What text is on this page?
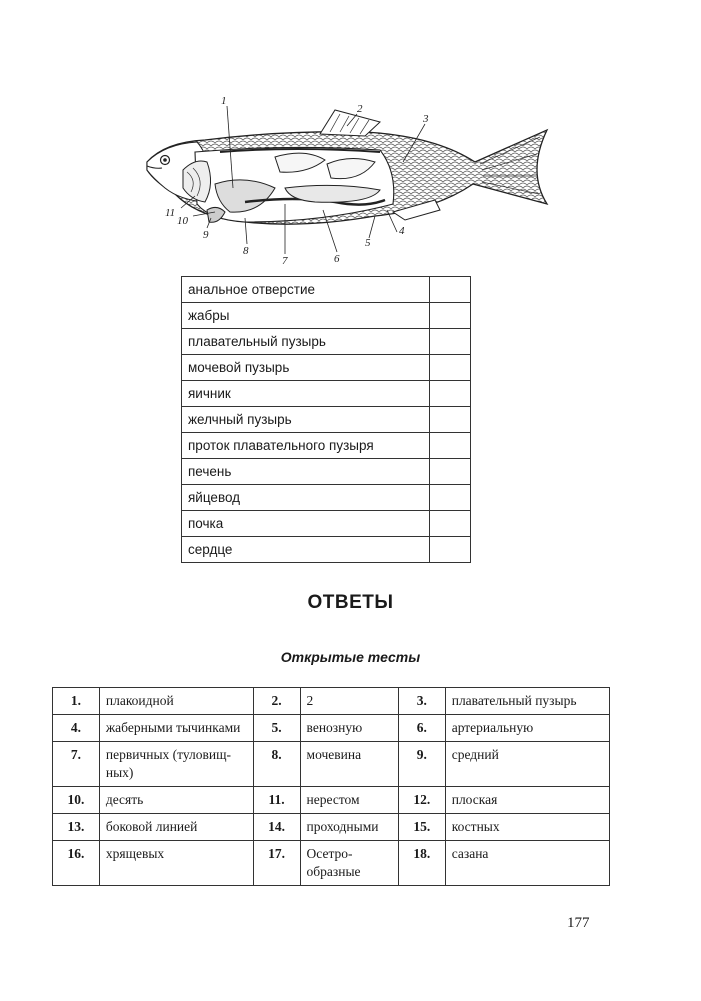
1
2
3
4
5
6
7
8
9
10
11
анальное отверстие	
жабры	
плавательный пузырь	
мочевой пузырь	
яичник	
желчный пузырь	
проток плавательного пузыря	
печень	
яйцевод	
почка	
сердце	
ОТВЕТЫ
Открытые тесты
1.	плакоидной	2.	2	3.	плавательный пузырь
4.	жаберными тычинками	5.	венозную	6.	артериальную
7.	первичных (туловищ-ных)	8.	мочевина	9.	средний
10.	десять	11.	нерестом	12.	плоская
13.	боковой линией	14.	проходными	15.	костных
16.	хрящевых	17.	Осетро-образные	18.	сазана
177
